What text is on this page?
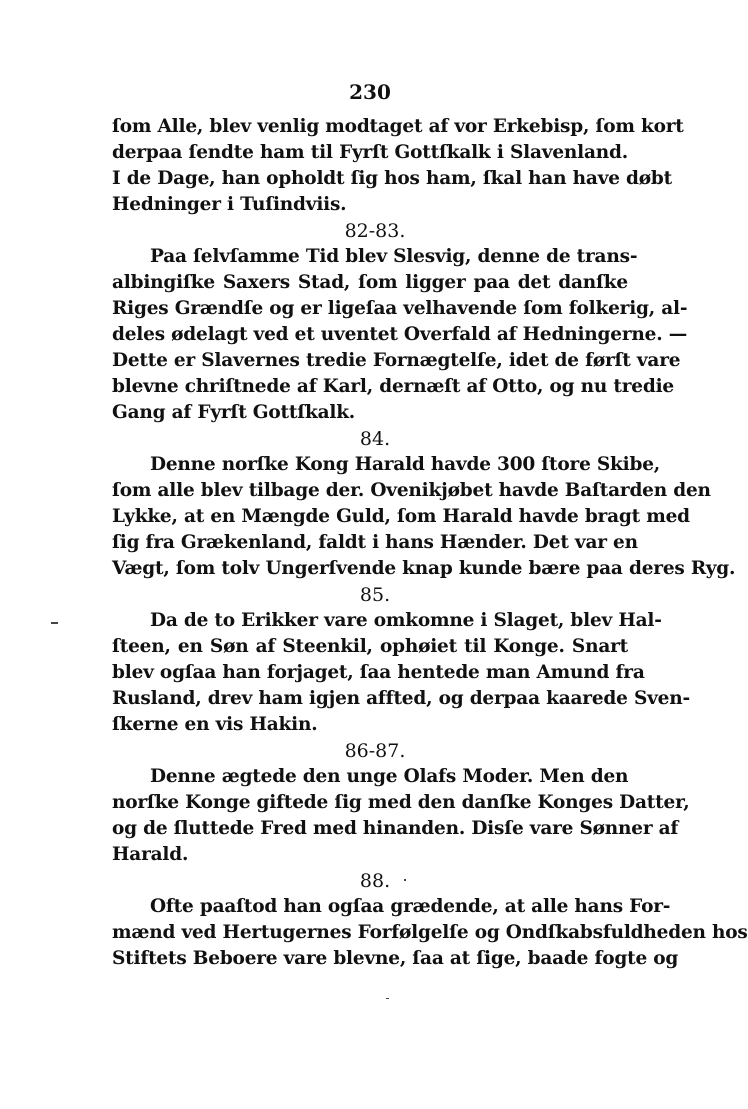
230
ſom Alle, blev venlig modtaget af vor Erkebisp, ſom kort
derpaa ſendte ham til Fyrſt Gottſkalk i Slavenland.
I de Dage, han opholdt ſig hos ham, ſkal han have døbt
Hedninger i Tuſindviis.
82-83.
Paa ſelvſamme Tid blev Slesvig, denne de trans-
albingiſke Saxers Stad, ſom ligger paa det danſke
Riges Grændſe og er ligeſaa velhavende ſom folkerig, al-
deles ødelagt ved et uventet Overfald af Hedningerne. —
Dette er Slavernes tredie Fornægtelſe, idet de førſt vare
blevne chriſtnede af Karl, dernæſt af Otto, og nu tredie
Gang af Fyrſt Gottſkalk.
84.
Denne norſke Kong Harald havde 300 ſtore Skibe,
ſom alle blev tilbage der. Ovenikjøbet havde Baſtarden den
Lykke, at en Mængde Guld, ſom Harald havde bragt med
ſig fra Grækenland, faldt i hans Hænder. Det var en
Vægt, ſom tolv Ungerſvende knap kunde bære paa deres Ryg.
85.
Da de to Erikker vare omkomne i Slaget, blev Hal-
ſteen, en Søn af Steenkil, ophøiet til Konge. Snart
blev ogſaa han forjaget, ſaa hentede man Amund fra
Rusland, drev ham igjen affted, og derpaa kaarede Sven-
ſkerne en vis Hakin.
86-87.
Denne ægtede den unge Olafs Moder. Men den
norſke Konge giftede ſig med den danſke Konges Datter,
og de ſluttede Fred med hinanden. Disſe vare Sønner af
Harald.
88.
Ofte paaſtod han ogſaa grædende, at alle hans For-
mænd ved Hertugernes Forfølgelſe og Ondſkabsfuldheden hos
Stiftets Beboere vare blevne, ſaa at ſige, baade fogte og
